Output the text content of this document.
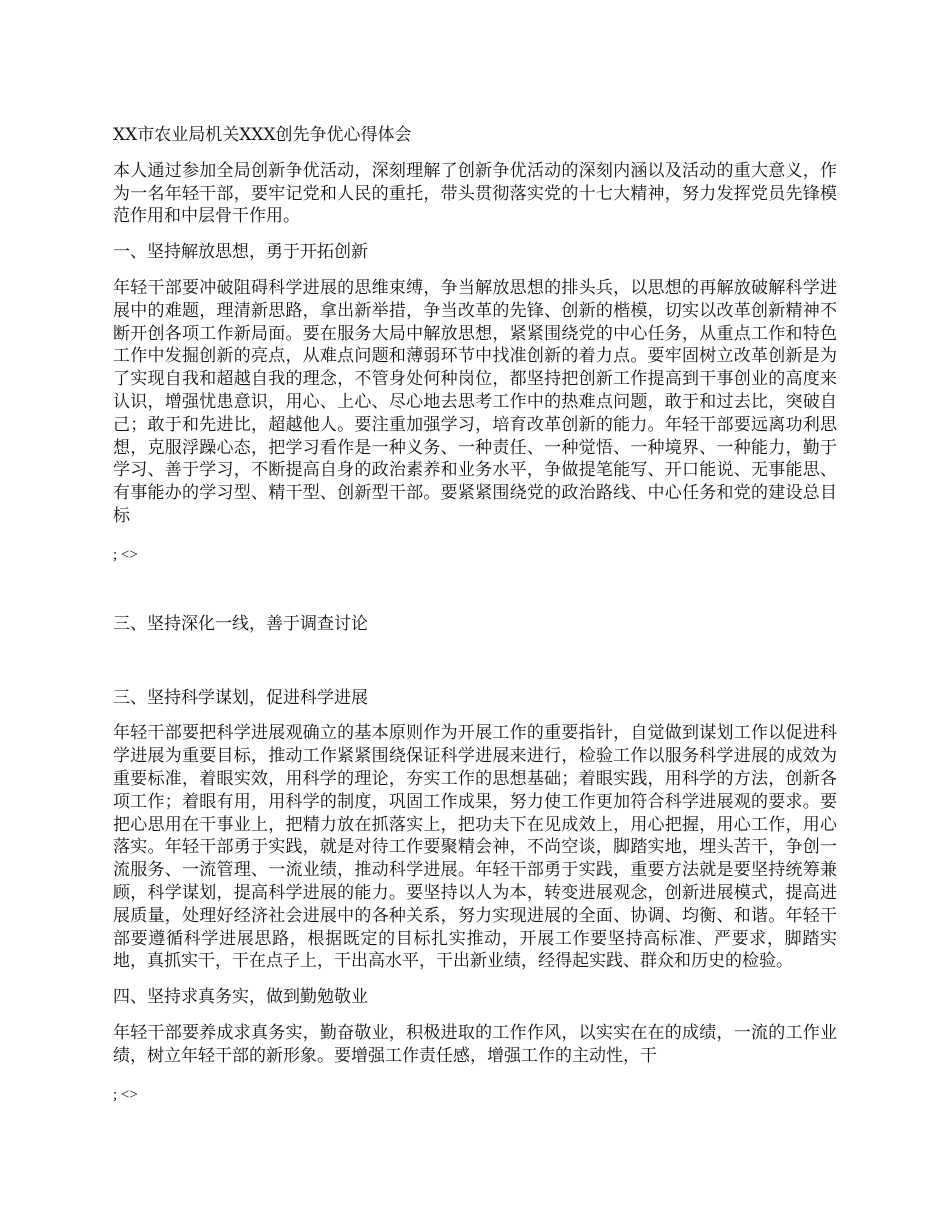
XX市农业局机关XXX创先争优心得体会

本人通过参加全局创新争优活动，深刻理解了创新争优活动的深刻内涵以及活动的重大意义，作为一名年轻干部，要牢记党和人民的重托，带头贯彻落实党的十七大精神，努力发挥党员先锋模范作用和中层骨干作用。

一、坚持解放思想，勇于开拓创新

年轻干部要冲破阻碍科学进展的思维束缚，争当解放思想的排头兵，以思想的再解放破解科学进展中的难题，理清新思路，拿出新举措，争当改革的先锋、创新的楷模，切实以改革创新精神不断开创各项工作新局面。要在服务大局中解放思想，紧紧围绕党的中心任务，从重点工作和特色工作中发掘创新的亮点，从难点问题和薄弱环节中找准创新的着力点。要牢固树立改革创新是为了实现自我和超越自我的理念，不管身处何种岗位，都坚持把创新工作提高到干事创业的高度来认识，增强忧患意识，用心、上心、尽心地去思考工作中的热难点问题，敢于和过去比，突破自己；敢于和先进比，超越他人。要注重加强学习，培育改革创新的能力。年轻干部要远离功利思想，克服浮躁心态，把学习看作是一种义务、一种责任、一种觉悟、一种境界、一种能力，勤于学习、善于学习，不断提高自身的政治素养和业务水平，争做提笔能写、开口能说、无事能思、有事能办的学习型、精干型、创新型干部。要紧紧围绕党的政治路线、中心任务和党的建设总目标

; <>

三、坚持深化一线，善于调查讨论

三、坚持科学谋划，促进科学进展

年轻干部要把科学进展观确立的基本原则作为开展工作的重要指针，自觉做到谋划工作以促进科学进展为重要目标，推动工作紧紧围绕保证科学进展来进行，检验工作以服务科学进展的成效为重要标准，着眼实效，用科学的理论，夯实工作的思想基础；着眼实践，用科学的方法，创新各项工作；着眼有用，用科学的制度，巩固工作成果，努力使工作更加符合科学进展观的要求。要把心思用在干事业上，把精力放在抓落实上，把功夫下在见成效上，用心把握，用心工作，用心落实。年轻干部勇于实践，就是对待工作要聚精会神，不尚空谈，脚踏实地，埋头苦干，争创一流服务、一流管理、一流业绩，推动科学进展。年轻干部勇于实践，重要方法就是要坚持统筹兼顾，科学谋划，提高科学进展的能力。要坚持以人为本，转变进展观念，创新进展模式，提高进展质量，处理好经济社会进展中的各种关系，努力实现进展的全面、协调、均衡、和谐。年轻干部要遵循科学进展思路，根据既定的目标扎实推动，开展工作要坚持高标准、严要求，脚踏实地，真抓实干，干在点子上，干出高水平，干出新业绩，经得起实践、群众和历史的检验。

四、坚持求真务实，做到勤勉敬业

年轻干部要养成求真务实，勤奋敬业，积极进取的工作作风，以实实在在的成绩，一流的工作业绩，树立年轻干部的新形象。要增强工作责任感，增强工作的主动性，干

; <>
